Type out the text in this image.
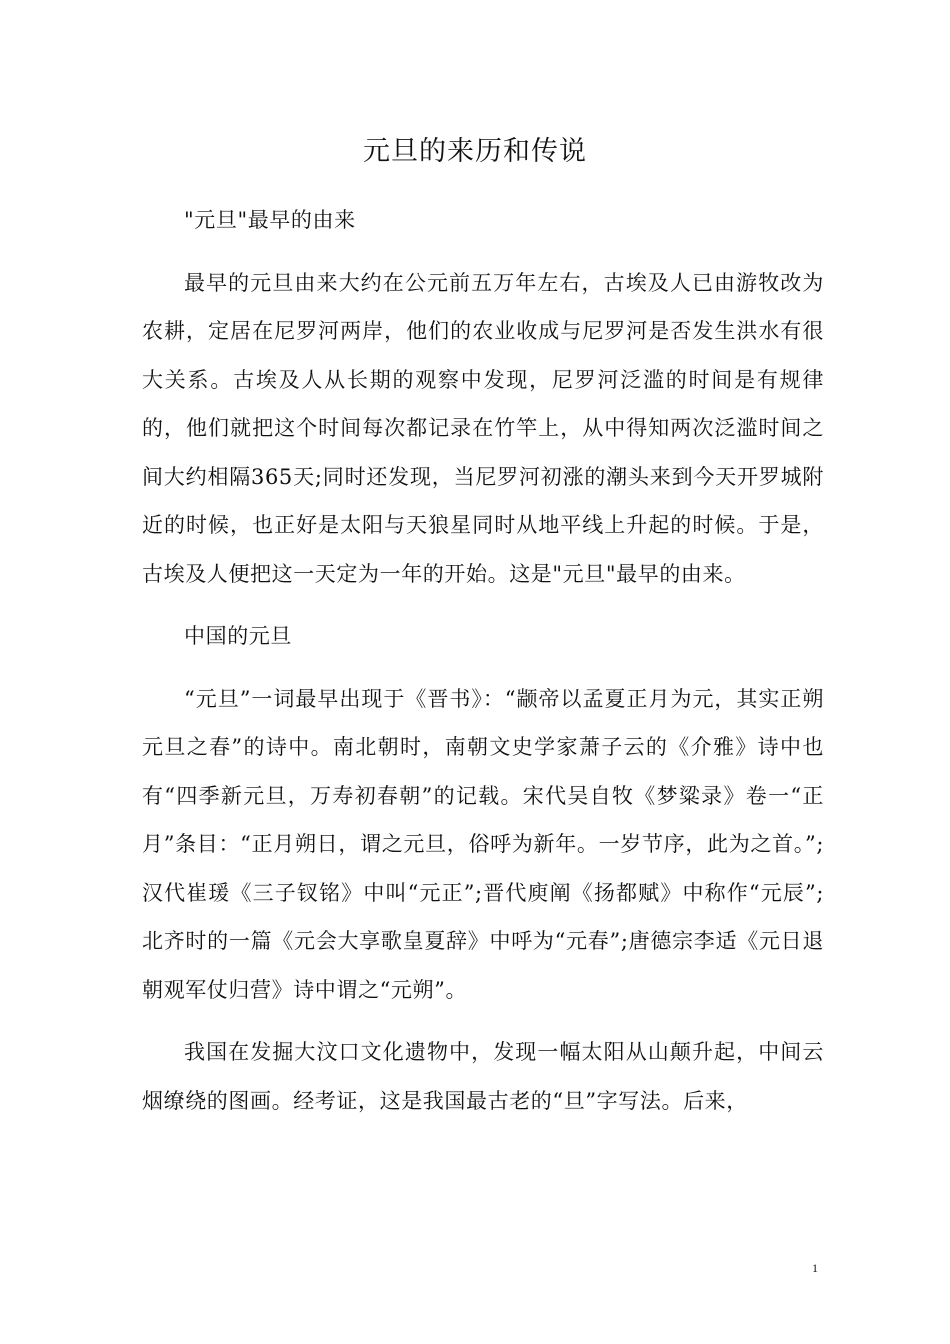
元旦的来历和传说

"元旦"最早的由来

最早的元旦由来大约在公元前五万年左右，古埃及人已由游牧改为农耕，定居在尼罗河两岸，他们的农业收成与尼罗河是否发生洪水有很大关系。古埃及人从长期的观察中发现，尼罗河泛滥的时间是有规律的，他们就把这个时间每次都记录在竹竿上，从中得知两次泛滥时间之间大约相隔365天;同时还发现，当尼罗河初涨的潮头来到今天开罗城附近的时候，也正好是太阳与天狼星同时从地平线上升起的时候。于是，古埃及人便把这一天定为一年的开始。这是"元旦"最早的由来。

中国的元旦

“元旦”一词最早出现于《晋书》：“颛帝以孟夏正月为元，其实正朔元旦之春”的诗中。南北朝时，南朝文史学家萧子云的《介雅》诗中也有“四季新元旦，万寿初春朝”的记载。宋代吴自牧《梦粱录》卷一“正月”条目：“正月朔日，谓之元旦，俗呼为新年。一岁节序，此为之首。”;汉代崔瑗《三子钗铭》中叫“元正”;晋代庾阐《扬都赋》中称作“元辰”;北齐时的一篇《元会大享歌皇夏辞》中呼为“元春”;唐德宗李适《元日退朝观军仗归营》诗中谓之“元朔”。

我国在发掘大汶口文化遗物中，发现一幅太阳从山颠升起，中间云烟缭绕的图画。经考证，这是我国最古老的“旦”字写法。后来，

1
